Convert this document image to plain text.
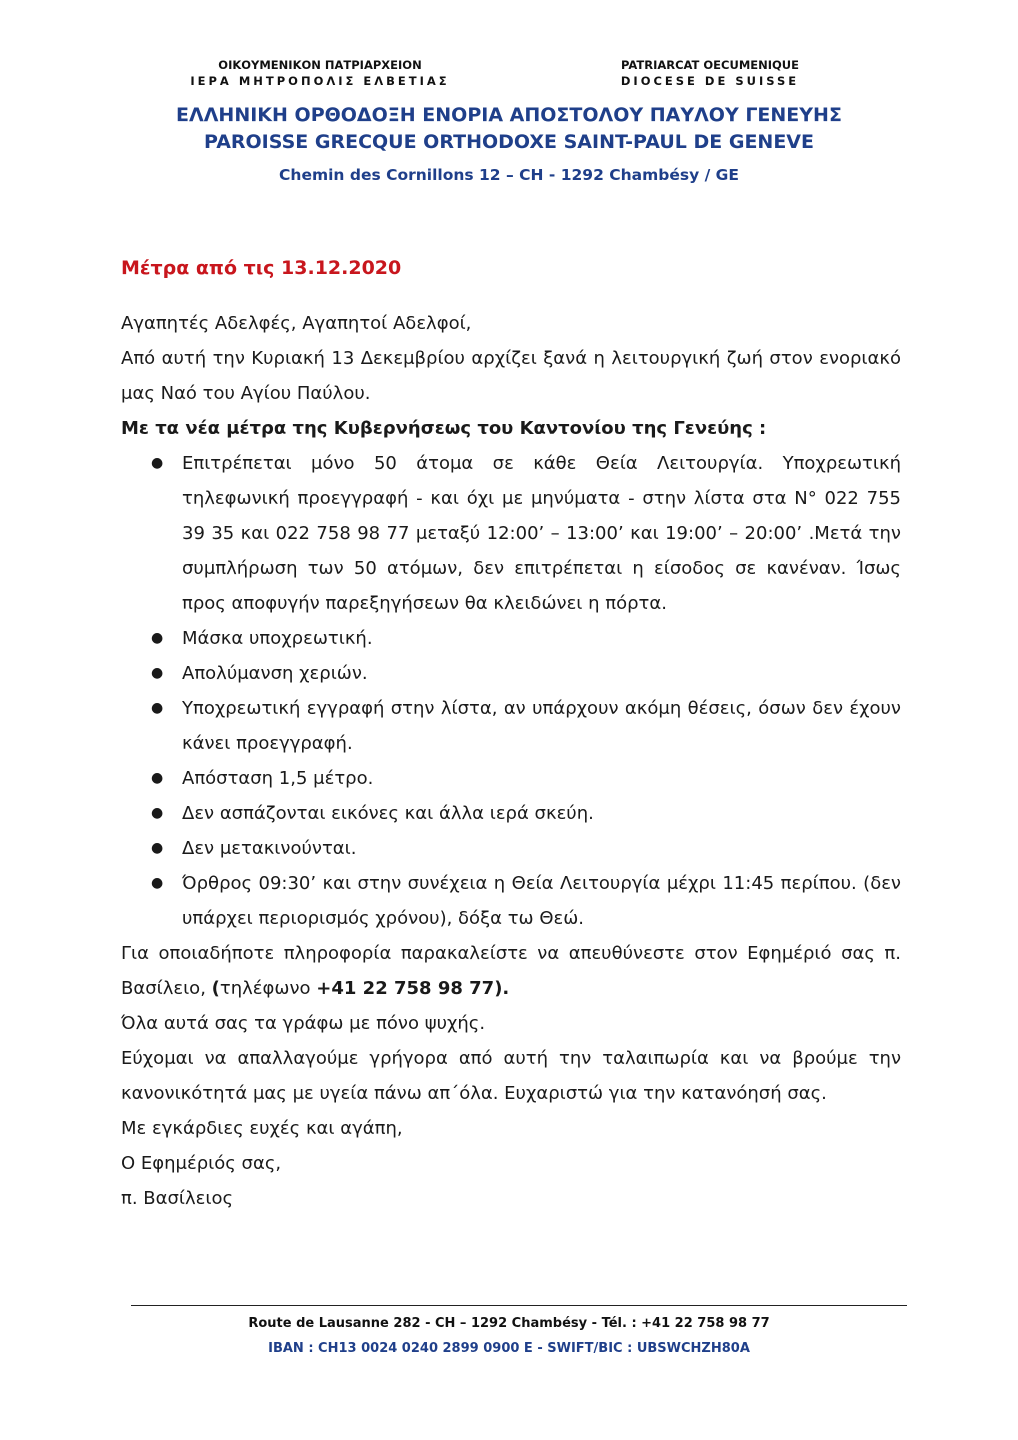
ΟΙΚΟΥΜΕΝΙΚΟΝ ΠΑΤΡΙΑΡΧΕΙΟΝ
ΙΕΡΑ ΜΗΤΡΟΠΟΛΙΣ ΕΛΒΕΤΙΑΣ
PATRIARCAT OECUMENIQUE
DIOCESE DE SUISSE
ΕΛΛΗΝΙΚΗ ΟΡΘΟΔΟΞΗ ΕΝΟΡΙΑ ΑΠΟΣΤΟΛΟΥ ΠΑΥΛΟΥ ΓΕΝΕΥΗΣ
PAROISSE GRECQUE ORTHODOXE SAINT-PAUL DE GENEVE
Chemin des Cornillons 12 – CH - 1292 Chambésy / GE
Μέτρα από τις 13.12.2020

Αγαπητές Αδελφές, Αγαπητοί Αδελφοί,

Από αυτή την Κυριακή 13 Δεκεμβρίου αρχίζει ξανά η λειτουργική ζωή στον ενοριακό μας Ναό του Αγίου Παύλου.

Με τα νέα μέτρα της Κυβερνήσεως του Καντονίου της Γενεύης :

● Επιτρέπεται μόνο 50 άτομα σε κάθε Θεία Λειτουργία. Υποχρεωτική τηλεφωνική προεγγραφή - και όχι με μηνύματα - στην λίστα στα N° 022 755 39 35 και 022 758 98 77 μεταξύ 12:00’ – 13:00’ και 19:00’ – 20:00’ .Μετά την συμπλήρωση των 50 ατόμων, δεν επιτρέπεται η είσοδος σε κανέναν. Ίσως προς αποφυγήν παρεξηγήσεων θα κλειδώνει η πόρτα.
● Μάσκα υποχρεωτική.
● Απολύμανση χεριών.
● Υποχρεωτική εγγραφή στην λίστα, αν υπάρχουν ακόμη θέσεις, όσων δεν έχουν κάνει προεγγραφή.
● Απόσταση 1,5 μέτρο.
● Δεν ασπάζονται εικόνες και άλλα ιερά σκεύη.
● Δεν μετακινούνται.
● Όρθρος 09:30’ και στην συνέχεια η Θεία Λειτουργία μέχρι 11:45 περίπου. (δεν υπάρχει περιορισμός χρόνου), δόξα τω Θεώ.

Για οποιαδήποτε πληροφορία παρακαλείστε να απευθύνεστε στον Εφημέριό σας π. Βασίλειο, (τηλέφωνο +41 22 758 98 77).

Όλα αυτά σας τα γράφω με πόνο ψυχής.

Εύχομαι να απαλλαγούμε γρήγορα από αυτή την ταλαιπωρία και να βρούμε την κανονικότητά μας με υγεία πάνω απ΄όλα. Ευχαριστώ για την κατανόησή σας.

Με εγκάρδιες ευχές και αγάπη,

Ο Εφημέριός σας,

π. Βασίλειος

Route de Lausanne 282 - CH – 1292 Chambésy - Tél. : +41 22 758 98 77
IBAN : CH13 0024 0240 2899 0900 E - SWIFT/BIC : UBSWCHZH80A
